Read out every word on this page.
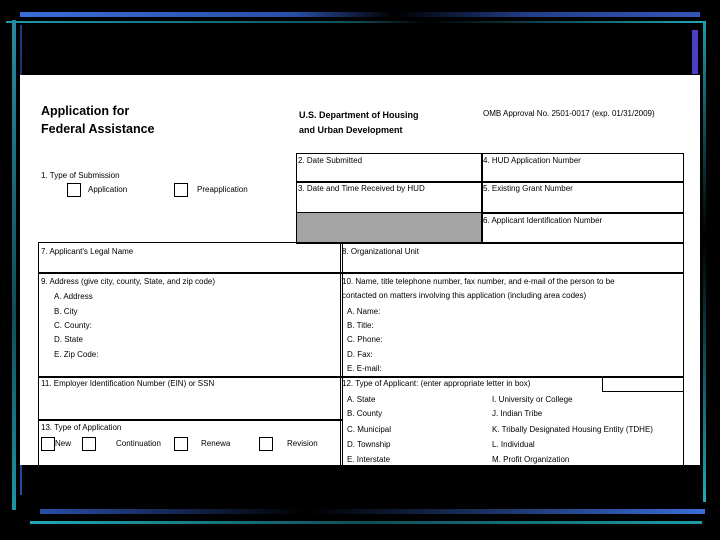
Application for
Federal Assistance
U.S. Department of Housing
and Urban Development
OMB Approval No. 2501-0017 (exp. 01/31/2009)
1. Type of Submission
Application	Preapplication
2. Date Submitted	4. HUD Application Number
3. Date and Time Received by HUD	5. Existing Grant Number
6. Applicant Identification Number
7. Applicant's Legal Name	8. Organizational Unit
9. Address (give city, county, State, and zip code)
A. Address
B. City
C. County:
D. State
E. Zip Code:
10. Name, title telephone number, fax number, and e-mail of the person to be
contacted on matters involving this application (including area codes)
A. Name:
B. Title:
C. Phone:
D. Fax:
E. E-mail:
11. Employer Identification Number (EIN) or SSN	12. Type of Applicant: (enter appropriate letter in box)
A. State
B. County
C. Municipal
D. Township
E. Interstate
I. University or College
J. Indian Tribe
K. Tribally Designated Housing Entity (TDHE)
L. Individual
M. Profit Organization
13. Type of Application
New	Continuation	Renewa	Revision
